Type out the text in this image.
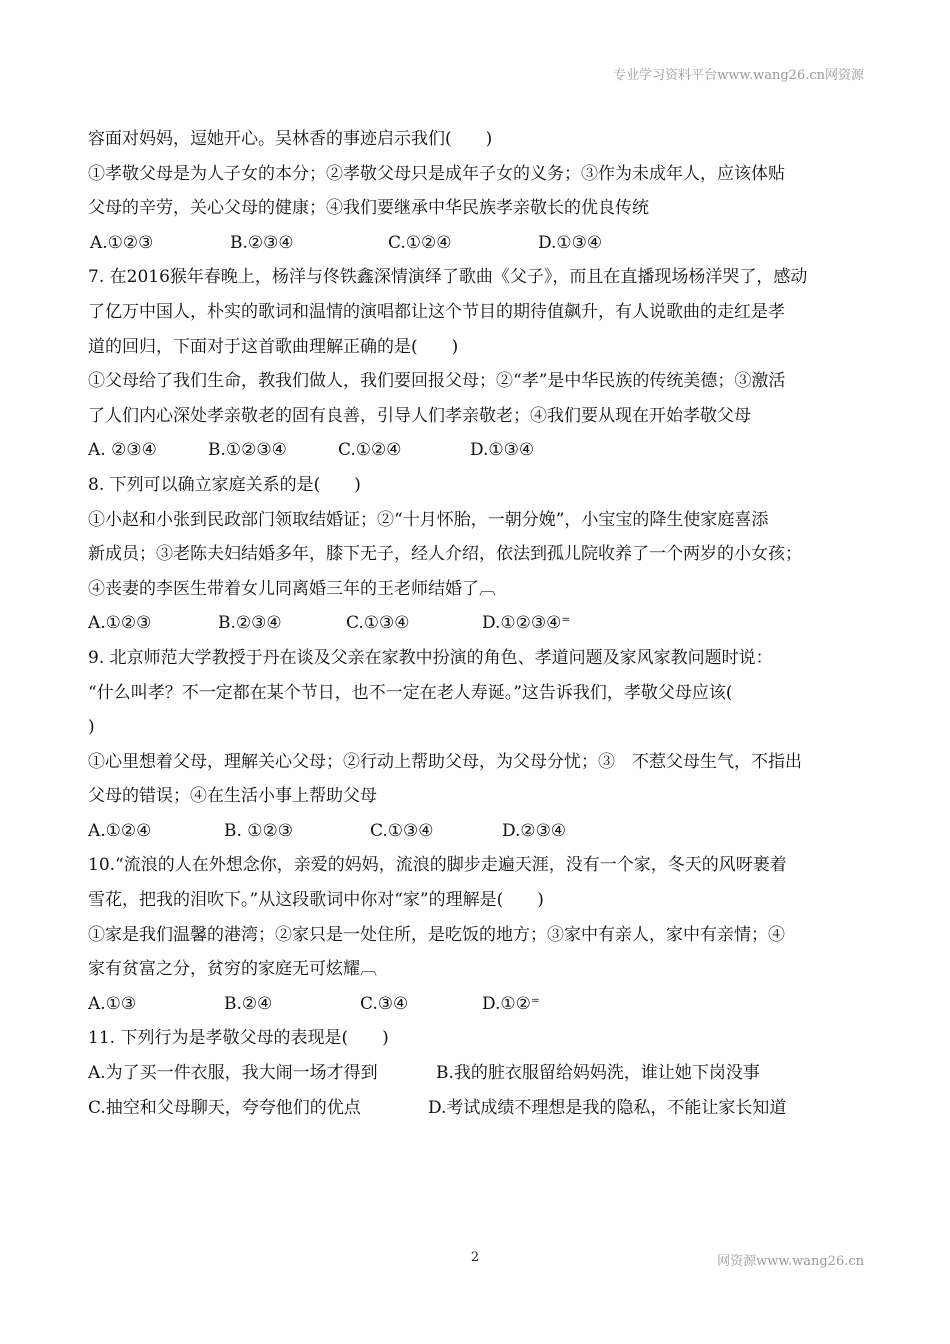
专业学习资料平台www.wang26.cn网资源
容面对妈妈，逗她开心。吴林香的事迹启示我们(　　)
①孝敬父母是为人子女的本分；②孝敬父母只是成年子女的义务；③作为未成年人，应该体贴
父母的辛劳，关心父母的健康；④我们要继承中华民族孝亲敬长的优良传统
A.①②③	B.②③④	C.①②④	D.①③④
7. 在2016猴年春晚上，杨洋与佟铁鑫深情演绎了歌曲《父子》，而且在直播现场杨洋哭了，感动
了亿万中国人，朴实的歌词和温情的演唱都让这个节目的期待值飙升，有人说歌曲的走红是孝
道的回归，下面对于这首歌曲理解正确的是(　　)
①父母给了我们生命，教我们做人，我们要回报父母；②“孝”是中华民族的传统美德；③激活
了人们内心深处孝亲敬老的固有良善，引导人们孝亲敬老；④我们要从现在开始孝敬父母
A. ②③④	B.①②③④	C.①②④	D.①③④
8. 下列可以确立家庭关系的是(　　)
①小赵和小张到民政部门领取结婚证；②“十月怀胎，一朝分娩”，小宝宝的降生使家庭喜添
新成员；③老陈夫妇结婚多年，膝下无子，经人介绍，依法到孤儿院收养了一个两岁的小女孩；
④丧妻的李医生带着女儿同离婚三年的王老师结婚了︹
A.①②③	B.②③④	C.①③④	D.①②③④⁼
9. 北京师范大学教授于丹在谈及父亲在家教中扮演的角色、孝道问题及家风家教问题时说：
“什么叫孝？不一定都在某个节日，也不一定在老人寿诞。”这告诉我们，孝敬父母应该(
)
①心里想着父母，理解关心父母；②行动上帮助父母，为父母分忧；③　不惹父母生气，不指出
父母的错误；④在生活小事上帮助父母
A.①②④	B. ①②③	C.①③④	D.②③④
10.“流浪的人在外想念你，亲爱的妈妈，流浪的脚步走遍天涯，没有一个家，冬天的风呀裹着
雪花，把我的泪吹下。”从这段歌词中你对“家”的理解是(　　)
①家是我们温馨的港湾；②家只是一处住所，是吃饭的地方；③家中有亲人，家中有亲情；④
家有贫富之分，贫穷的家庭无可炫耀︹
A.①③	B.②④	C.③④	D.①②⁼
11. 下列行为是孝敬父母的表现是(　　)
A.为了买一件衣服，我大闹一场才得到	B.我的脏衣服留给妈妈洗，谁让她下岗没事
C.抽空和父母聊天，夸夸他们的优点	D.考试成绩不理想是我的隐私，不能让家长知道
2	网资源www.wang26.cn
